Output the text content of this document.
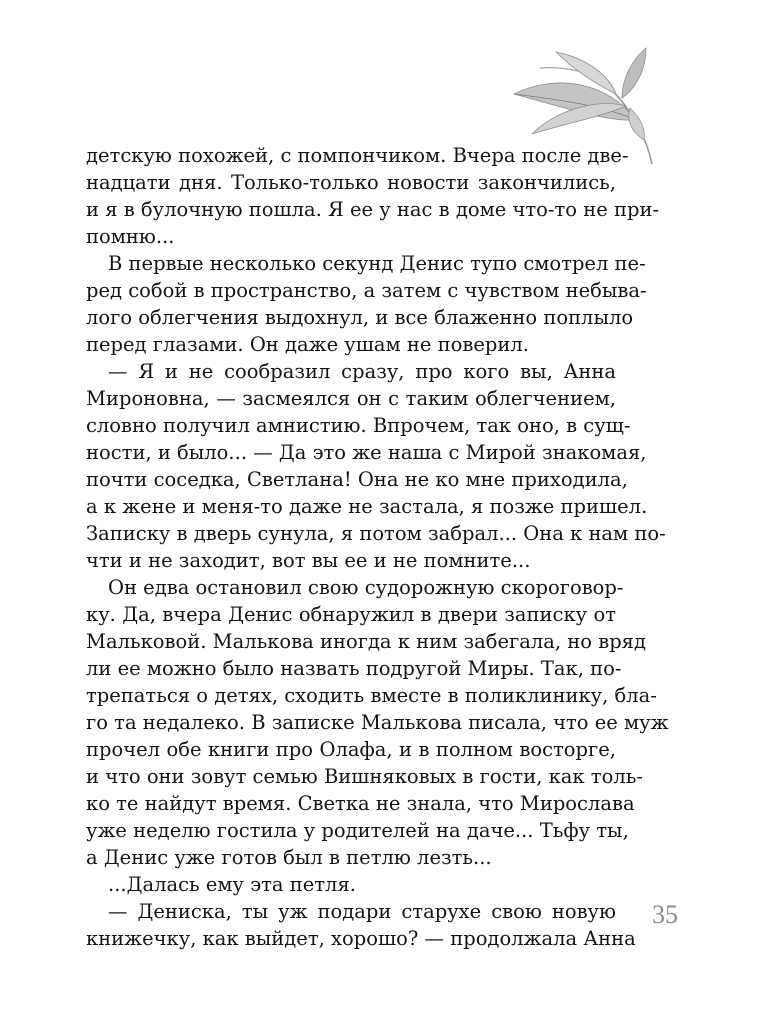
детскую похожей, с помпончиком. Вчера после две-
надцати дня. Только-только новости закончились,
и я в булочную пошла. Я ее у нас в доме что-то не при-
помню...
В первые несколько секунд Денис тупо смотрел пе-
ред собой в пространство, а затем с чувством небыва-
лого облегчения выдохнул, и все блаженно поплыло
перед глазами. Он даже ушам не поверил.
— Я и не сообразил сразу, про кого вы, Анна
Мироновна, — засмеялся он с таким облегчением,
словно получил амнистию. Впрочем, так оно, в сущ-
ности, и было... — Да это же наша с Мирой знакомая,
почти соседка, Светлана! Она не ко мне приходила,
а к жене и меня-то даже не застала, я позже пришел.
Записку в дверь сунула, я потом забрал... Она к нам по-
чти и не заходит, вот вы ее и не помните...
Он едва остановил свою судорожную скороговор-
ку. Да, вчера Денис обнаружил в двери записку от
Мальковой. Малькова иногда к ним забегала, но вряд
ли ее можно было назвать подругой Миры. Так, по-
трепаться о детях, сходить вместе в поликлинику, бла-
го та недалеко. В записке Малькова писала, что ее муж
прочел обе книги про Олафа, и в полном восторге,
и что они зовут семью Вишняковых в гости, как толь-
ко те найдут время. Светка не знала, что Мирослава
уже неделю гостила у родителей на даче... Тьфу ты,
а Денис уже готов был в петлю лезть...
...Далась ему эта петля.
— Дениска, ты уж подари старухе свою новую
книжечку, как выйдет, хорошо? — продолжала Анна
35
